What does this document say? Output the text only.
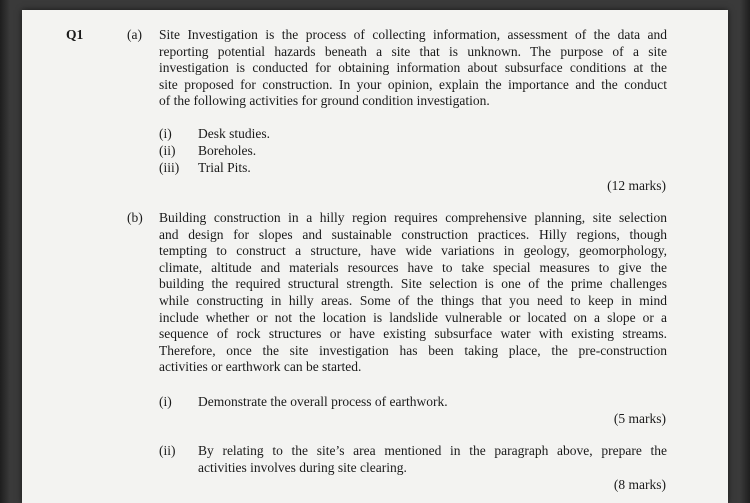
Q1	(a) Site Investigation is the process of collecting information, assessment of the data and
reporting potential hazards beneath a site that is unknown. The purpose of a site
investigation is conducted for obtaining information about subsurface conditions at the
site proposed for construction. In your opinion, explain the importance and the conduct
of the following activities for ground condition investigation.
(i) Desk studies.
(ii) Boreholes.
(iii) Trial Pits.
(12 marks)
(b) Building construction in a hilly region requires comprehensive planning, site selection
and design for slopes and sustainable construction practices. Hilly regions, though
tempting to construct a structure, have wide variations in geology, geomorphology,
climate, altitude and materials resources have to take special measures to give the
building the required structural strength. Site selection is one of the prime challenges
while constructing in hilly areas. Some of the things that you need to keep in mind
include whether or not the location is landslide vulnerable or located on a slope or a
sequence of rock structures or have existing subsurface water with existing streams.
Therefore, once the site investigation has been taking place, the pre-construction
activities or earthwork can be started.
(i) Demonstrate the overall process of earthwork.
(5 marks)
(ii) By relating to the site’s area mentioned in the paragraph above, prepare the
activities involves during site clearing.
(8 marks)
